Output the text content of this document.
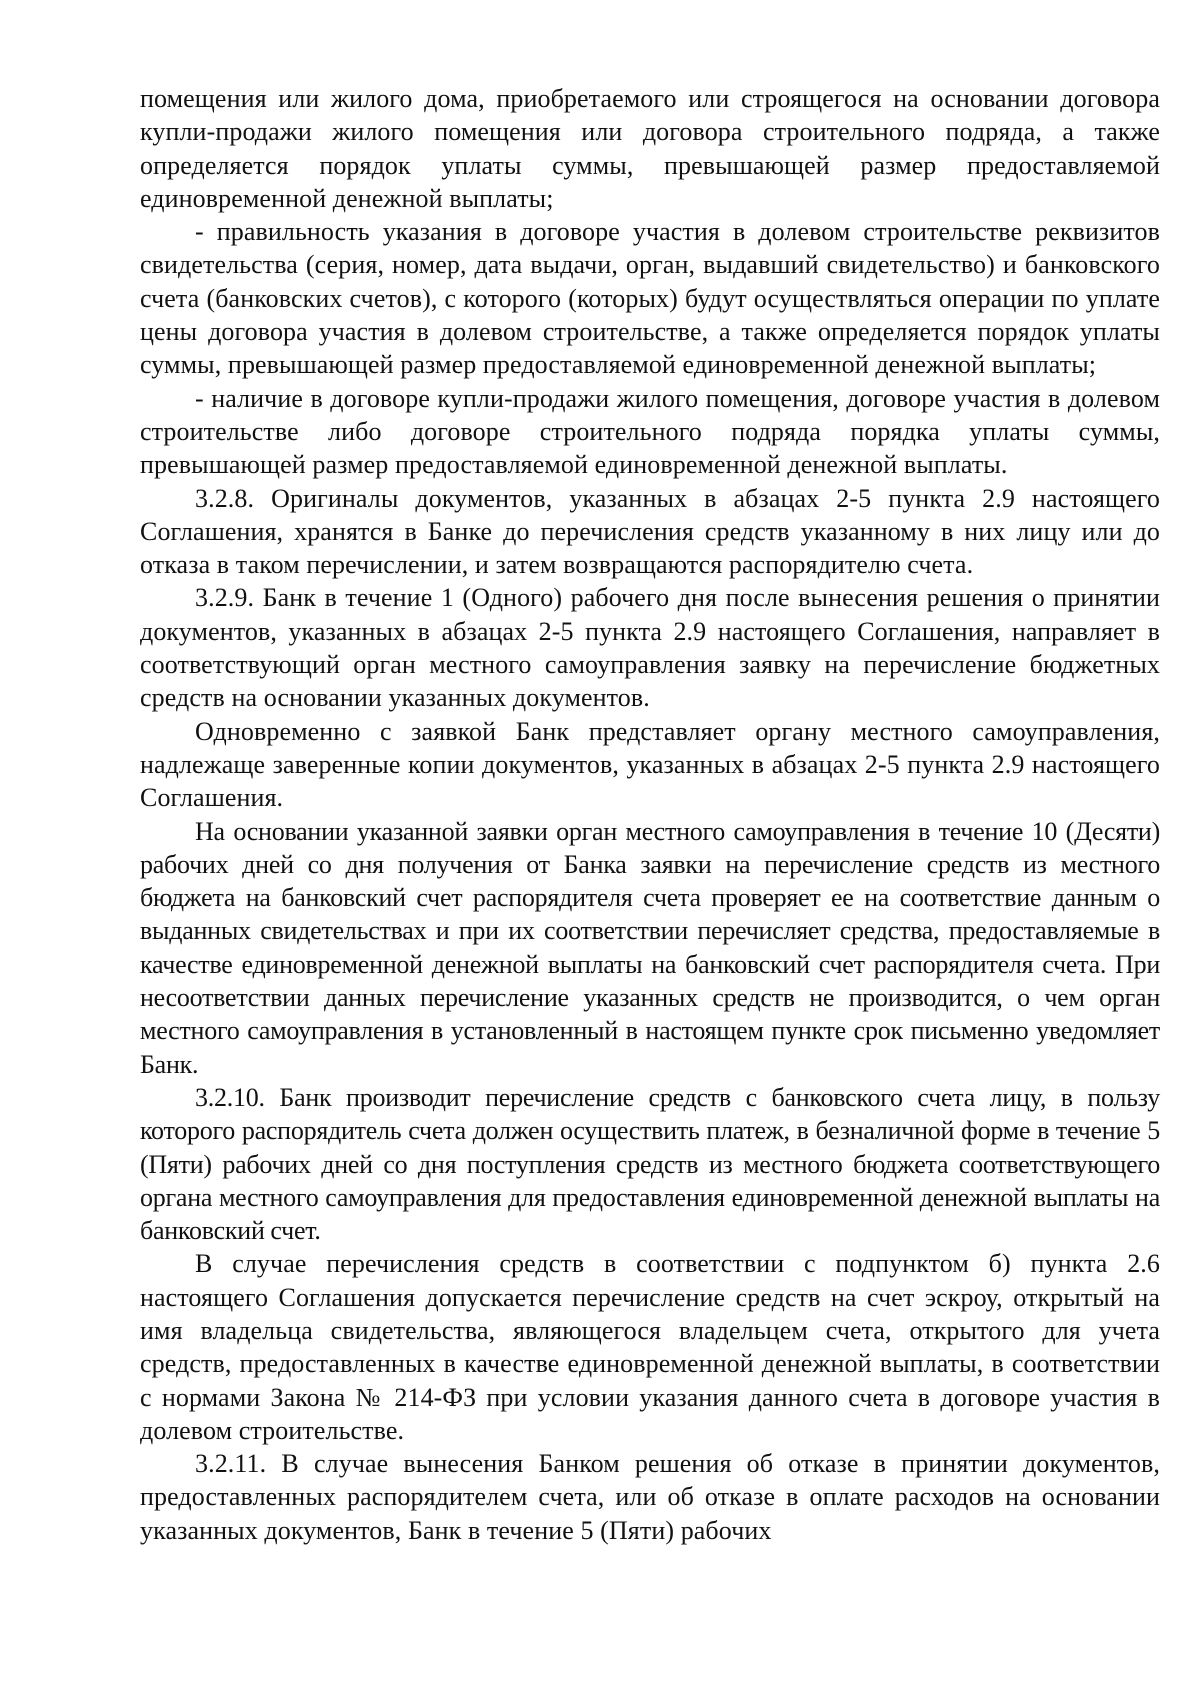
помещения или жилого дома, приобретаемого или строящегося на основании договора купли-продажи жилого помещения или договора строительного подряда, а также определяется порядок уплаты суммы, превышающей размер предоставляемой единовременной денежной выплаты;

- правильность указания в договоре участия в долевом строительстве реквизитов свидетельства (серия, номер, дата выдачи, орган, выдавший свидетельство) и банковского счета (банковских счетов), с которого (которых) будут осуществляться операции по уплате цены договора участия в долевом строительстве, а также определяется порядок уплаты суммы, превышающей размер предоставляемой единовременной денежной выплаты;

- наличие в договоре купли-продажи жилого помещения, договоре участия в долевом строительстве либо договоре строительного подряда порядка уплаты суммы, превышающей размер предоставляемой единовременной денежной выплаты.

3.2.8. Оригиналы документов, указанных в абзацах 2-5 пункта 2.9 настоящего Соглашения, хранятся в Банке до перечисления средств указанному в них лицу или до отказа в таком перечислении, и затем возвращаются распорядителю счета.

3.2.9. Банк в течение 1 (Одного) рабочего дня после вынесения решения о принятии документов, указанных в абзацах 2-5 пункта 2.9 настоящего Соглашения, направляет в соответствующий орган местного самоуправления заявку на перечисление бюджетных средств на основании указанных документов.

Одновременно с заявкой Банк представляет органу местного самоуправления, надлежаще заверенные копии документов, указанных в абзацах 2-5 пункта 2.9 настоящего Соглашения.

На основании указанной заявки орган местного самоуправления в течение 10 (Десяти) рабочих дней со дня получения от Банка заявки на перечисление средств из местного бюджета на банковский счет распорядителя счета проверяет ее на соответствие данным о выданных свидетельствах и при их соответствии перечисляет средства, предоставляемые в качестве единовременной денежной выплаты на банковский счет распорядителя счета. При несоответствии данных перечисление указанных средств не производится, о чем орган местного самоуправления в установленный в настоящем пункте срок письменно уведомляет Банк.

3.2.10. Банк производит перечисление средств с банковского счета лицу, в пользу которого распорядитель счета должен осуществить платеж, в безналичной форме в течение 5 (Пяти) рабочих дней со дня поступления средств из местного бюджета соответствующего органа местного самоуправления для предоставления единовременной денежной выплаты на банковский счет.

В случае перечисления средств в соответствии с подпунктом б) пункта 2.6 настоящего Соглашения допускается перечисление средств на счет эскроу, открытый на имя владельца свидетельства, являющегося владельцем счета, открытого для учета средств, предоставленных в качестве единовременной денежной выплаты, в соответствии с нормами Закона № 214-ФЗ при условии указания данного счета в договоре участия в долевом строительстве.

3.2.11. В случае вынесения Банком решения об отказе в принятии документов, предоставленных распорядителем счета, или об отказе в оплате расходов на основании указанных документов, Банк в течение 5 (Пяти) рабочих
